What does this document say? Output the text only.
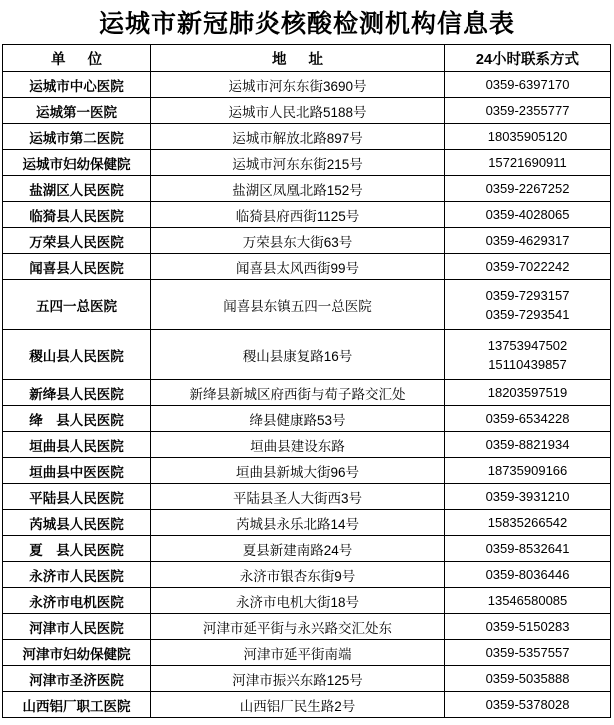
运城市新冠肺炎核酸检测机构信息表
单位	地址	24小时联系方式
运城市中心医院	运城市河东东街3690号	0359-6397170

运城第一医院	运城市人民北路5188号	0359-2355777

运城市第二医院	运城市解放北路897号	18035905120

运城市妇幼保健院	运城市河东东街215号	15721690911

盐湖区人民医院	盐湖区凤凰北路152号	0359-2267252

临猗县人民医院	临猗县府西街1125号	0359-4028065

万荣县人民医院	万荣县东大街63号	0359-4629317

闻喜县人民医院	闻喜县太风西街99号	0359-7022242

五四一总医院	闻喜县东镇五四一总医院	0359-7293157
0359-7293541

稷山县人民医院	稷山县康复路16号	13753947502
15110439857

新绛县人民医院	新绛县新城区府西街与荀子路交汇处	18203597519

绛　县人民医院	绛县健康路53号	0359-6534228

垣曲县人民医院	垣曲县建设东路	0359-8821934

垣曲县中医医院	垣曲县新城大街96号	18735909166

平陆县人民医院	平陆县圣人大街西3号	0359-3931210

芮城县人民医院	芮城县永乐北路14号	15835266542

夏　县人民医院	夏县新建南路24号	0359-8532641

永济市人民医院	永济市银杏东街9号	0359-8036446

永济市电机医院	永济市电机大街18号	13546580085

河津市人民医院	河津市延平街与永兴路交汇处东	0359-5150283

河津市妇幼保健院	河津市延平街南端	0359-5357557

河津市圣济医院	河津市振兴东路125号	0359-5035888

山西铝厂职工医院	山西铝厂民生路2号	0359-5378028
